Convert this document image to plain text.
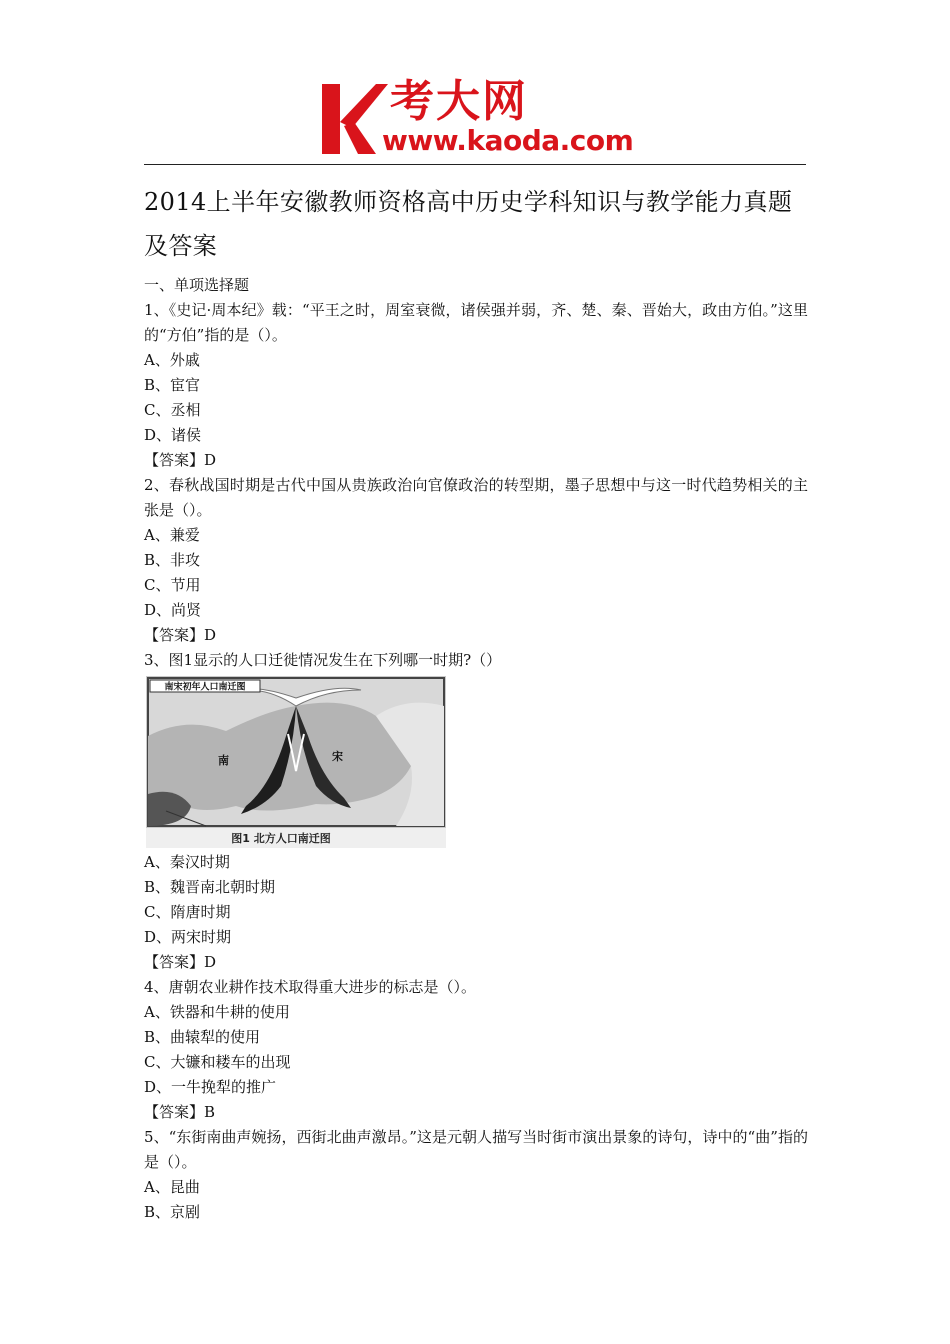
考大网
www.kaoda.com
2014上半年安徽教师资格高中历史学科知识与教学能力真题及答案
一、单项选择题
1、《史记·周本纪》载：“平王之时，周室衰微，诸侯强并弱，齐、楚、秦、晋始大，政由方伯。”这里的“方伯”指的是（）。
A、外戚
B、宦官
C、丞相
D、诸侯
【答案】D
2、春秋战国时期是古代中国从贵族政治向官僚政治的转型期，墨子思想中与这一时代趋势相关的主张是（）。
A、兼爱
B、非攻
C、节用
D、尚贤
【答案】D
3、图1显示的人口迁徙情况发生在下列哪一时期?（）
南宋初年人口南迁图
南	宋
图1 北方人口南迁图
A、秦汉时期
B、魏晋南北朝时期
C、隋唐时期
D、两宋时期
【答案】D
4、唐朝农业耕作技术取得重大进步的标志是（）。
A、铁器和牛耕的使用
B、曲辕犁的使用
C、大镰和耧车的出现
D、一牛挽犁的推广
【答案】B
5、“东街南曲声婉扬，西街北曲声激昂。”这是元朝人描写当时街市演出景象的诗句，诗中的“曲”指的是（）。
A、昆曲
B、京剧
